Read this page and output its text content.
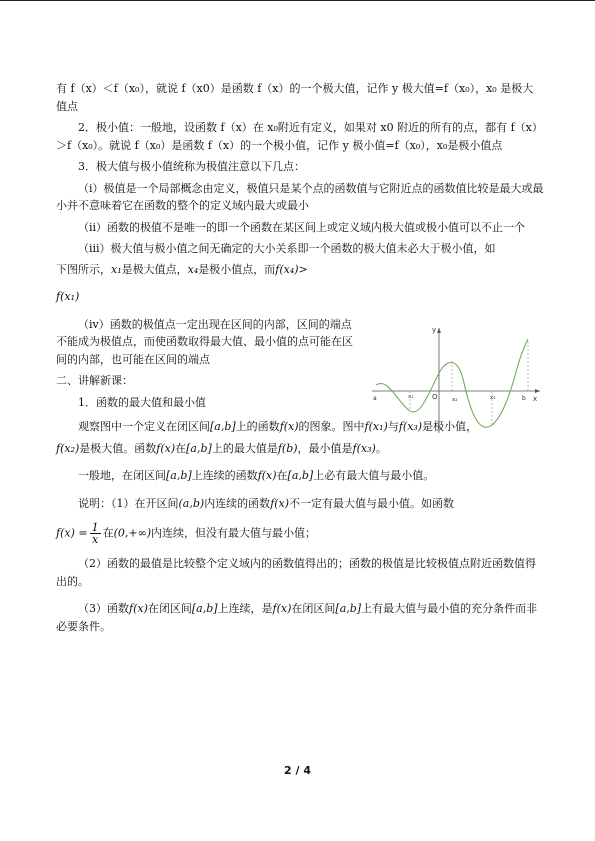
有 f（x）＜f（x₀），就说 f（x0）是函数 f（x）的一个极大值，记作 y 极大值=f（x₀），x₀ 是极大值点

2．极小值：一般地，设函数 f（x）在 x₀附近有定义，如果对 x0 附近的所有的点，都有 f（x）＞f（x₀）。就说 f（x₀）是函数 f（x）的一个极小值，记作 y 极小值=f（x₀），x₀是极小值点

3．极大值与极小值统称为极值注意以下几点：

（ⅰ）极值是一个局部概念由定义，极值只是某个点的函数值与它附近点的函数值比较是最大或最小并不意味着它在函数的整个的定义域内最大或最小

（ⅱ）函数的极值不是唯一的即一个函数在某区间上或定义域内极大值或极小值可以不止一个

（ⅲ）极大值与极小值之间无确定的大小关系即一个函数的极大值未必大于极小值，如

下图所示，x₁是极大值点，x₄是极小值点，而f(x₄)>

f(x₁)

（ⅳ）函数的极值点一定出现在区间的内部，区间的端点不能成为极值点，而使函数取得最大值、最小值的点可能在区间的内部，也可能在区间的端点

二、讲解新课：

1．函数的最大值和最小值

观察图中一个定义在闭区间[a,b]上的函数f(x)的图象。图中f(x₁)与f(x₃)是极小值，

f(x₂)是极大值。函数f(x)在[a,b]上的最大值是f(b)，最小值是f(x₃)。

一般地，在闭区间[a,b]上连续的函数f(x)在[a,b]上必有最大值与最小值。

说明：（1）在开区间(a,b)内连续的函数f(x)不一定有最大值与最小值。如函数

$f(x) = \frac{1}{x}$ 在(0,+∞)内连续，但没有最大值与最小值；

（2）函数的最值是比较整个定义域内的函数值得出的；函数的极值是比较极值点附近函数值得出的。

（3）函数f(x)在闭区间[a,b]上连续，是f(x)在闭区间[a,b]上有最大值与最小值的充分条件而非必要条件。

y
x
O
a	b
x₁	x₂	x₃
2 / 4
